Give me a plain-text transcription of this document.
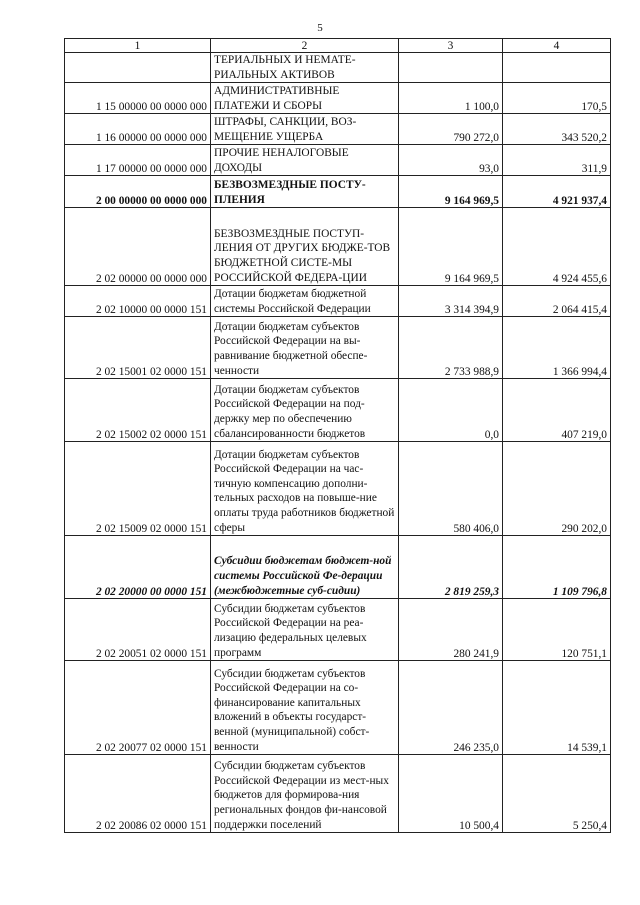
5
1	2	3	4
	ТЕРИАЛЬНЫХ И НЕМАТЕ-РИАЛЬНЫХ АКТИВОВ		
1 15 00000 00 0000 000	АДМИНИСТРАТИВНЫЕ ПЛАТЕЖИ И СБОРЫ	1 100,0	170,5
1 16 00000 00 0000 000	ШТРАФЫ, САНКЦИИ, ВОЗ-МЕЩЕНИЕ УЩЕРБА	790 272,0	343 520,2
1 17 00000 00 0000 000	ПРОЧИЕ НЕНАЛОГОВЫЕ ДОХОДЫ	93,0	311,9
2 00 00000 00 0000 000	БЕЗВОЗМЕЗДНЫЕ ПОСТУ-ПЛЕНИЯ	9 164 969,5	4 921 937,4
2 02 00000 00 0000 000	БЕЗВОЗМЕЗДНЫЕ ПОСТУП-ЛЕНИЯ ОТ ДРУГИХ БЮДЖЕ-ТОВ БЮДЖЕТНОЙ СИСТЕ-МЫ РОССИЙСКОЙ ФЕДЕРА-ЦИИ	9 164 969,5	4 924 455,6
2 02 10000 00 0000 151	Дотации бюджетам бюджетной системы Российской Федерации	3 314 394,9	2 064 415,4
2 02 15001 02 0000 151	Дотации бюджетам субъектов Российской Федерации на вы-равнивание бюджетной обеспе-ченности	2 733 988,9	1 366 994,4
2 02 15002 02 0000 151	Дотации бюджетам субъектов Российской Федерации на под-держку мер по обеспечению сбалансированности бюджетов	0,0	407 219,0
2 02 15009 02 0000 151	Дотации бюджетам субъектов Российской Федерации на час-тичную компенсацию дополни-тельных расходов на повыше-ние оплаты труда работников бюджетной сферы	580 406,0	290 202,0
2 02 20000 00 0000 151	Субсидии бюджетам бюджет-ной системы Российской Фе-дерации (межбюджетные суб-сидии)	2 819 259,3	1 109 796,8
2 02 20051 02 0000 151	Субсидии бюджетам субъектов Российской Федерации на реа-лизацию федеральных целевых программ	280 241,9	120 751,1
2 02 20077 02 0000 151	Субсидии бюджетам субъектов Российской Федерации на со-финансирование капитальных вложений в объекты государст-венной (муниципальной) собст-венности	246 235,0	14 539,1
2 02 20086 02 0000 151	Субсидии бюджетам субъектов Российской Федерации из мест-ных бюджетов для формирова-ния региональных фондов фи-нансовой поддержки поселений	10 500,4	5 250,4
